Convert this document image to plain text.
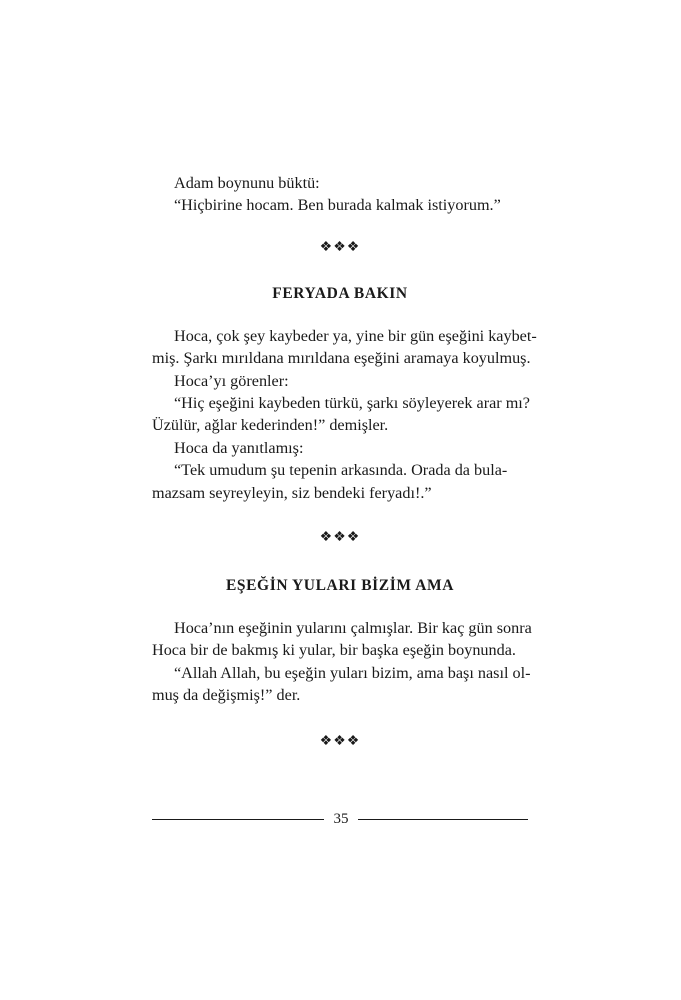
Adam boynunu büktü:

“Hiçbirine hocam. Ben burada kalmak istiyorum.”

❖❖❖
FERYADA BAKIN

Hoca, çok şey kaybeder ya, yine bir gün eşeğini kaybet-

miş. Şarkı mırıldana mırıldana eşeğini aramaya koyulmuş.

Hoca’yı görenler:

“Hiç eşeğini kaybeden türkü, şarkı söyleyerek arar mı?

Üzülür, ağlar kederinden!” demişler.

Hoca da yanıtlamış:

“Tek umudum şu tepenin arkasında. Orada da bula-

mazsam seyreyleyin, siz bendeki feryadı!.”

❖❖❖
EŞEĞİN YULARI BİZİM AMA

Hoca’nın eşeğinin yularını çalmışlar. Bir kaç gün sonra

Hoca bir de bakmış ki yular, bir başka eşeğin boynunda.

“Allah Allah, bu eşeğin yuları bizim, ama başı nasıl ol-

muş da değişmiş!” der.

❖❖❖
35
